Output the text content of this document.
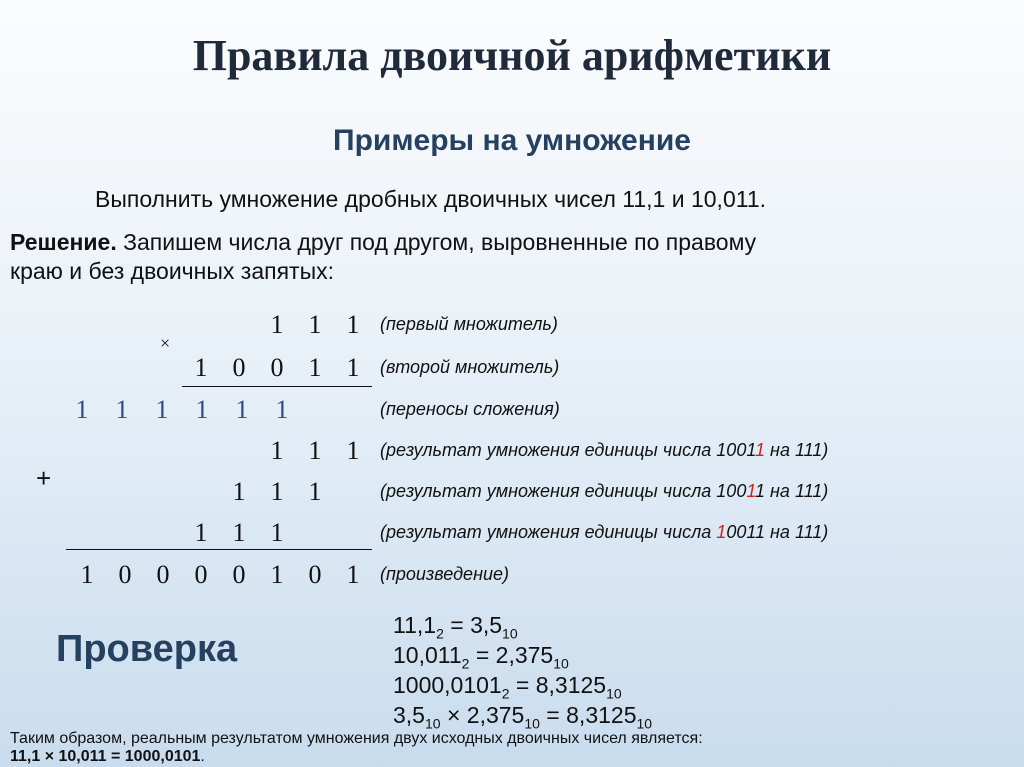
Правила двоичной арифметики
Примеры на умножение
Выполнить умножение дробных двоичных чисел 11,1 и 10,011.
Решение. Запишем числа друг под другом, выровненные по правому
краю и без двоичных запятых:
×
+
1 1 1	(первый множитель)
1 0 0 1 1	(второй множитель)
1	1	1	1	1	1	(переносы сложения)
1 1 1	(результат умножения единицы числа 10011 на 111)
1 1 1	(результат умножения единицы числа 10011 на 111)
1 1 1	(результат умножения единицы числа 10011 на 111)
1 0 0 0 0 1 0 1	(произведение)
Проверка
$11,1_2 = 3,5_{10}$
$10,011_2 = 2,375_{10}$
$1000,0101_2 = 8,3125_{10}$
$3,5_{10} \times 2,375_{10} = 8,3125_{10}$
Таким образом, реальным результатом умножения двух исходных двоичных чисел является:
11,1 × 10,011 = 1000,0101.
